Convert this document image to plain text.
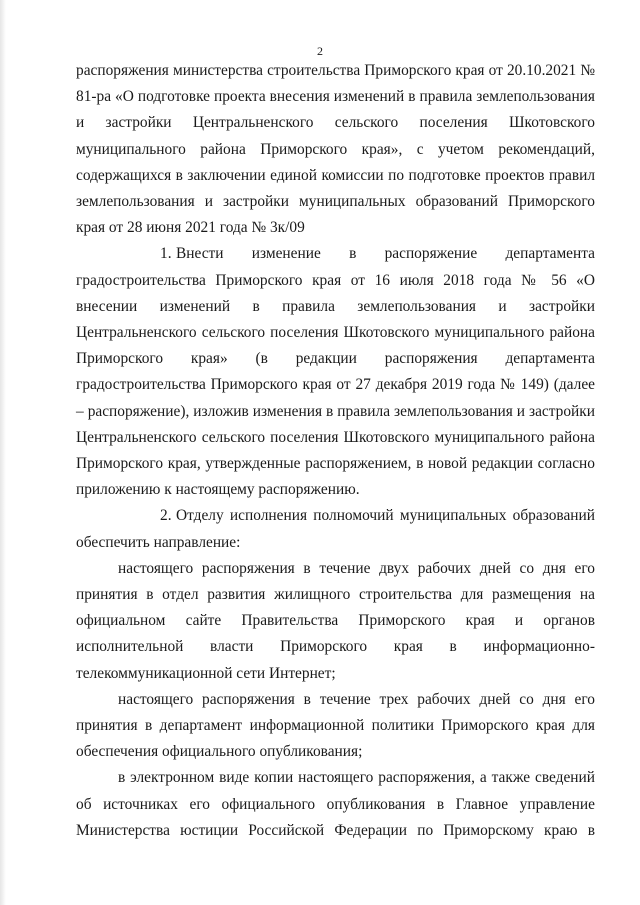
2

распоряжения министерства строительства Приморского края от 20.10.2021 № 81-ра «О подготовке проекта внесения изменений в правила землепользования и застройки Центральненского сельского поселения Шкотовского муниципального района Приморского края», с учетом рекомендаций, содержащихся в заключении единой комиссии по подготовке проектов правил землепользования и застройки муниципальных образований Приморского края от 28 июня 2021 года № 3к/09

1. Внести изменение в распоряжение департамента градостроительства Приморского края от 16 июля 2018 года № 56 «О внесении изменений в правила землепользования и застройки Центральненского сельского поселения Шкотовского муниципального района Приморского края» (в редакции распоряжения департамента градостроительства Приморского края от 27 декабря 2019 года № 149) (далее – распоряжение), изложив изменения в правила землепользования и застройки Центральненского сельского поселения Шкотовского муниципального района Приморского края, утвержденные распоряжением, в новой редакции согласно приложению к настоящему распоряжению.

2. Отделу исполнения полномочий муниципальных образований обеспечить направление:

настоящего распоряжения в течение двух рабочих дней со дня его принятия в отдел развития жилищного строительства для размещения на официальном сайте Правительства Приморского края и органов исполнительной власти Приморского края в информационно-телекоммуникационной сети Интернет;

настоящего распоряжения в течение трех рабочих дней со дня его принятия в департамент информационной политики Приморского края для обеспечения официального опубликования;

в электронном виде копии настоящего распоряжения, а также сведений об источниках его официального опубликования в Главное управление Министерства юстиции Российской Федерации по Приморскому краю в
